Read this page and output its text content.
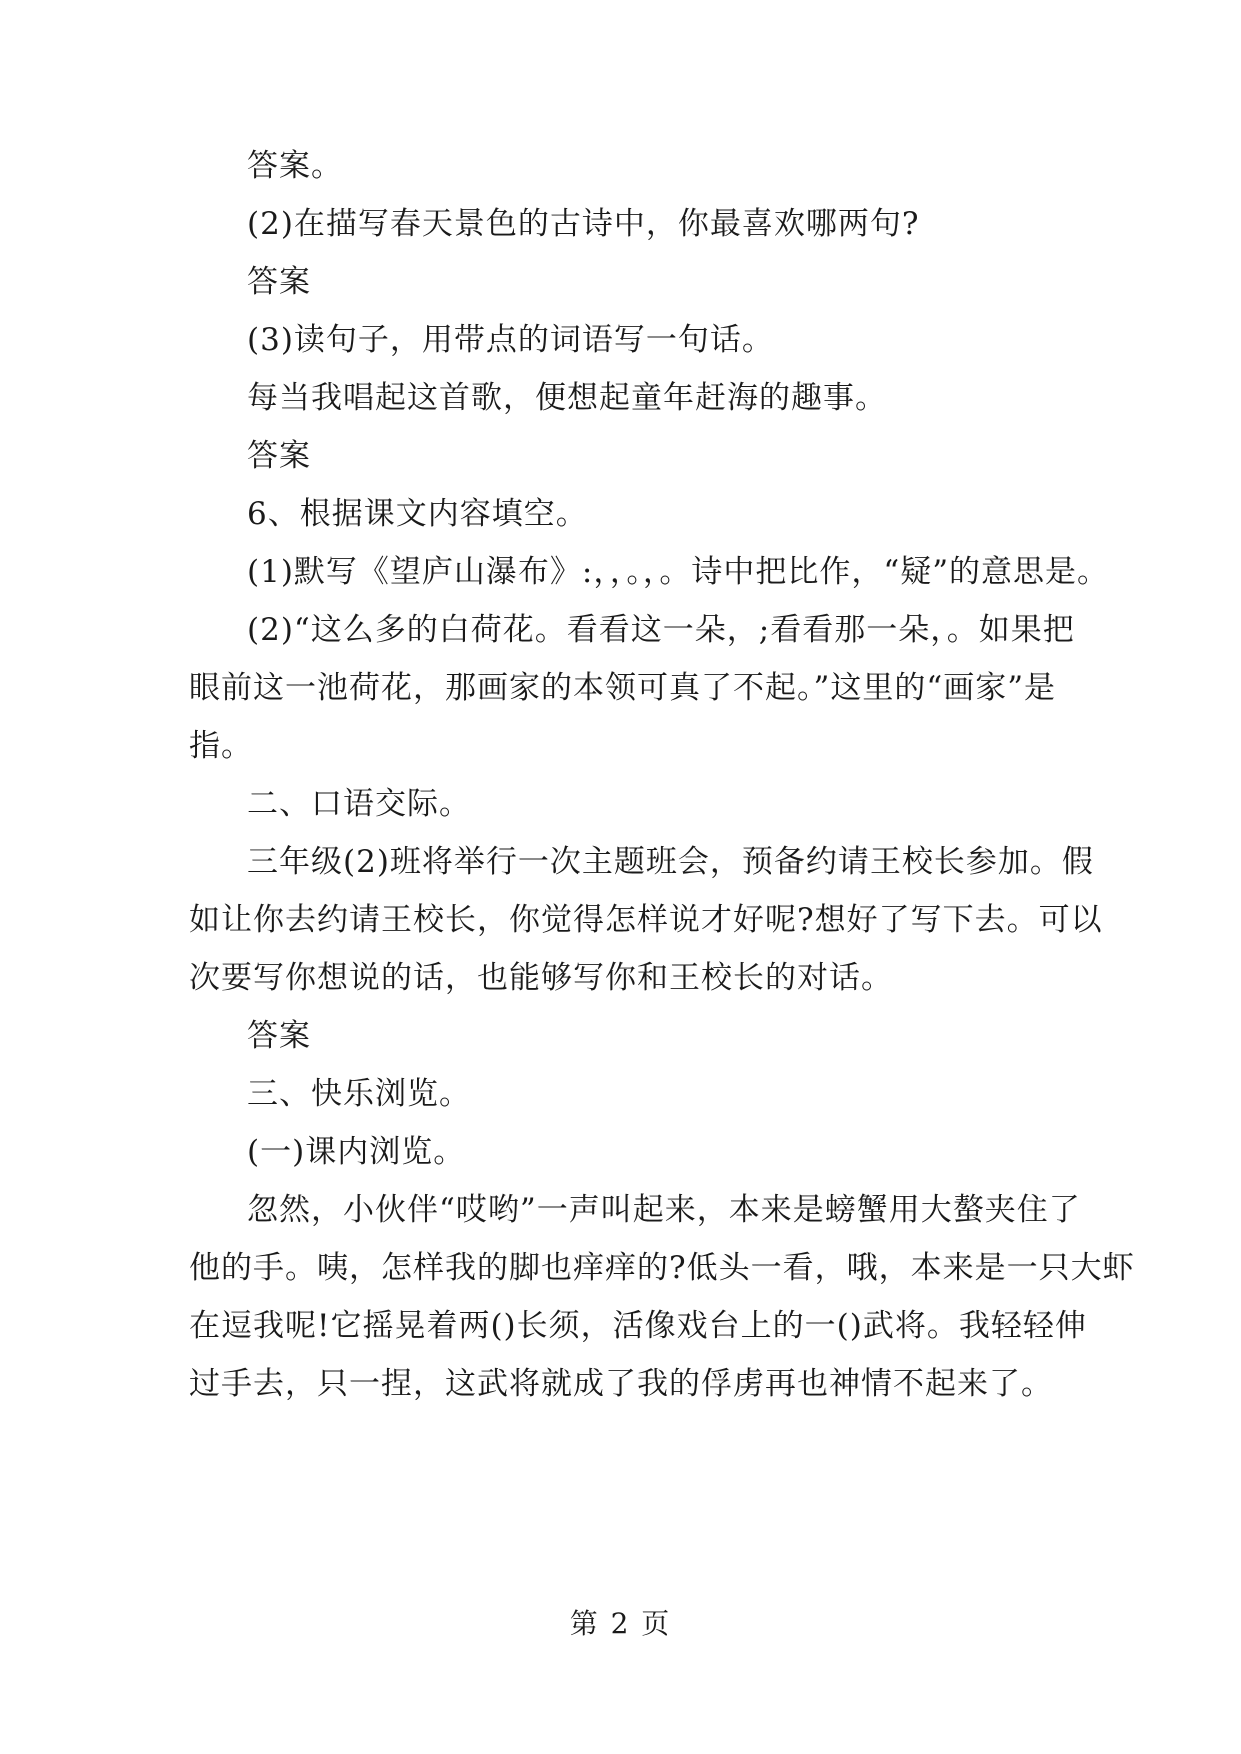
答案。
(2)在描写春天景色的古诗中，你最喜欢哪两句?
答案
(3)读句子，用带点的词语写一句话。
每当我唱起这首歌，便想起童年赶海的趣事。
答案
6、根据课文内容填空。
(1)默写《望庐山瀑布》:，，。，。诗中把比作，“疑”的意思是。
(2)“这么多的白荷花。看看这一朵，;看看那一朵，。如果把
眼前这一池荷花，那画家的本领可真了不起。”这里的“画家”是
指。
二、口语交际。
三年级(2)班将举行一次主题班会，预备约请王校长参加。假
如让你去约请王校长，你觉得怎样说才好呢?想好了写下去。可以
次要写你想说的话，也能够写你和王校长的对话。
答案
三、快乐浏览。
(一)课内浏览。
忽然，小伙伴“哎哟”一声叫起来，本来是螃蟹用大螯夹住了
他的手。咦，怎样我的脚也痒痒的?低头一看，哦，本来是一只大虾
在逗我呢!它摇晃着两()长须，活像戏台上的一()武将。我轻轻伸
过手去，只一捏，这武将就成了我的俘虏再也神情不起来了。
第 2 页
